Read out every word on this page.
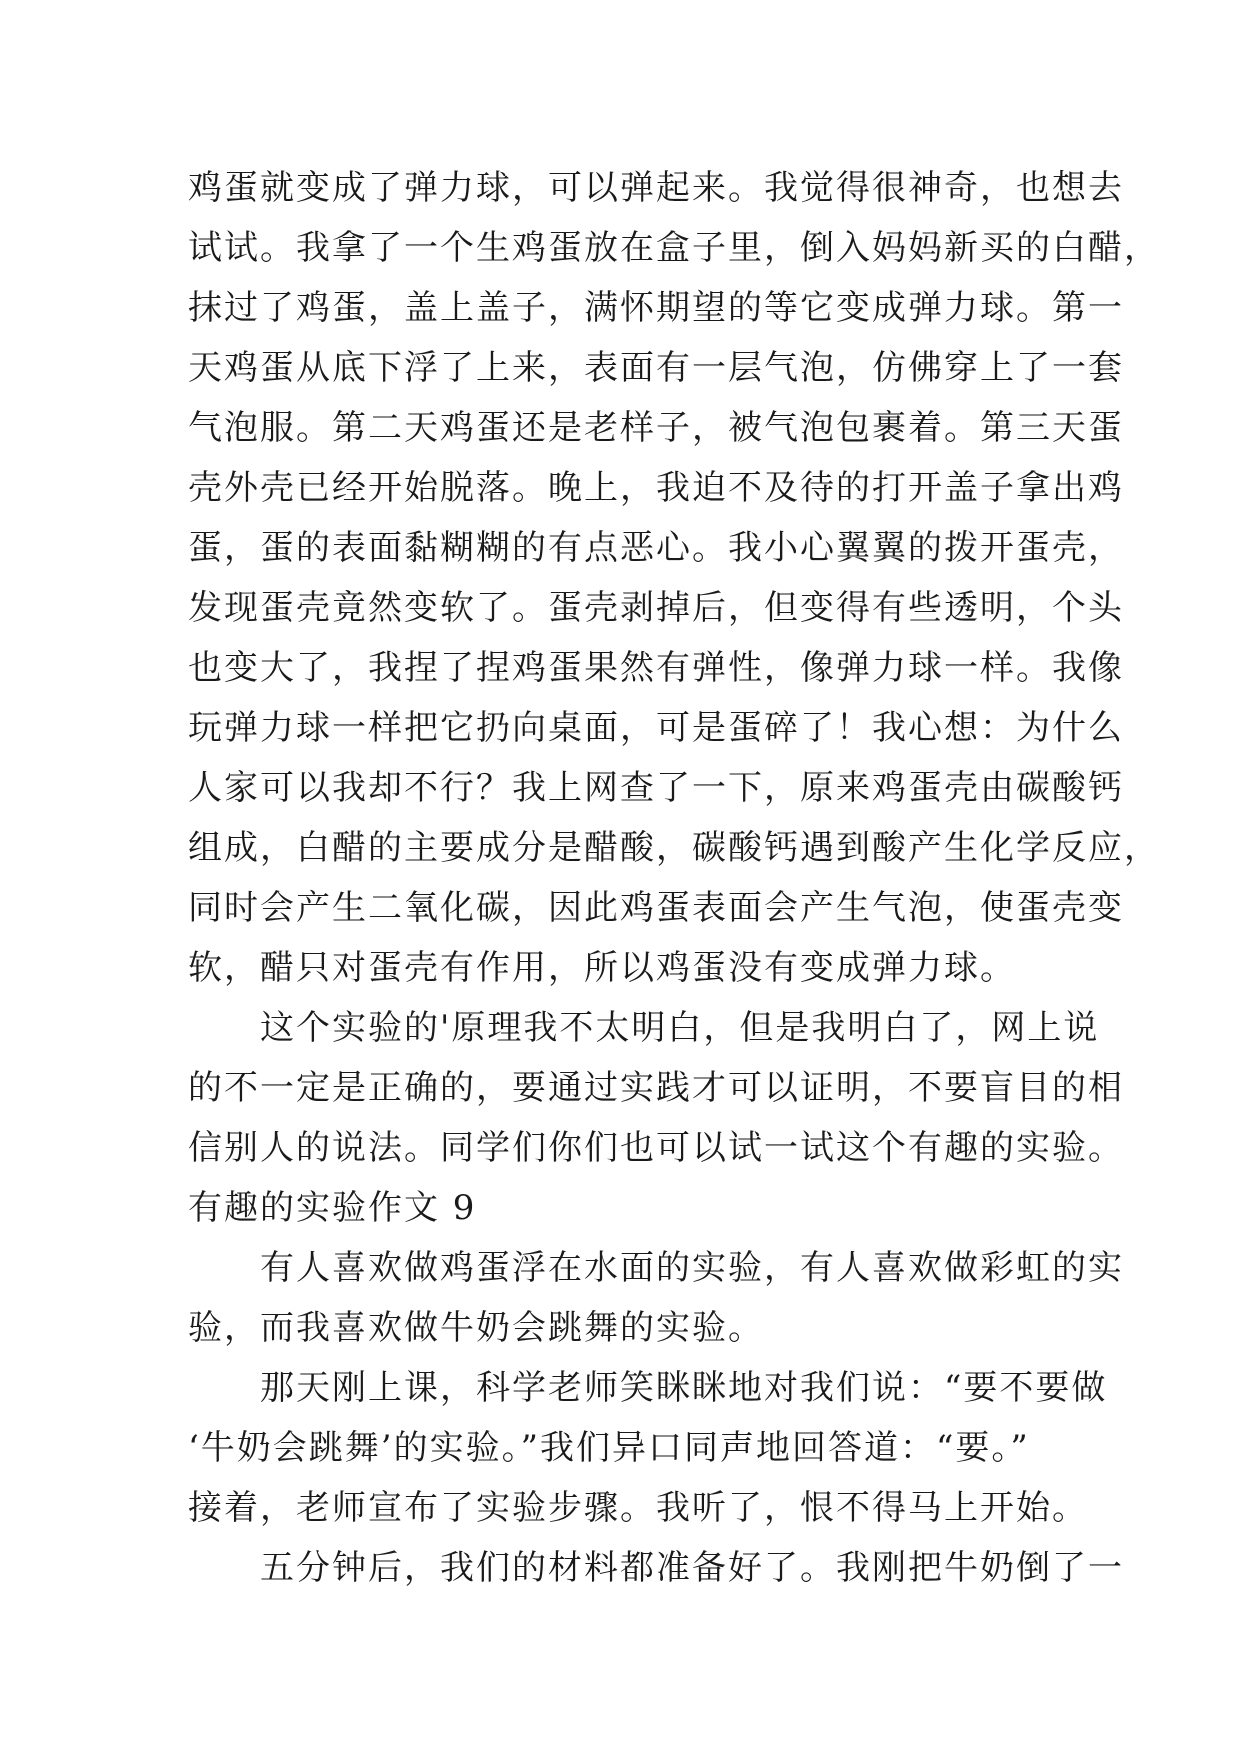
鸡蛋就变成了弹力球，可以弹起来。我觉得很神奇，也想去
试试。我拿了一个生鸡蛋放在盒子里，倒入妈妈新买的白醋，
抹过了鸡蛋，盖上盖子，满怀期望的等它变成弹力球。第一
天鸡蛋从底下浮了上来，表面有一层气泡，仿佛穿上了一套
气泡服。第二天鸡蛋还是老样子，被气泡包裹着。第三天蛋
壳外壳已经开始脱落。晚上，我迫不及待的打开盖子拿出鸡
蛋，蛋的表面黏糊糊的有点恶心。我小心翼翼的拨开蛋壳，
发现蛋壳竟然变软了。蛋壳剥掉后，但变得有些透明，个头
也变大了，我捏了捏鸡蛋果然有弹性，像弹力球一样。我像
玩弹力球一样把它扔向桌面，可是蛋碎了！我心想：为什么
人家可以我却不行？我上网查了一下，原来鸡蛋壳由碳酸钙
组成，白醋的主要成分是醋酸，碳酸钙遇到酸产生化学反应，
同时会产生二氧化碳，因此鸡蛋表面会产生气泡，使蛋壳变
软，醋只对蛋壳有作用，所以鸡蛋没有变成弹力球。
　　这个实验的'原理我不太明白，但是我明白了，网上说
的不一定是正确的，要通过实践才可以证明，不要盲目的相
信别人的说法。同学们你们也可以试一试这个有趣的实验。
有趣的实验作文 9
　　有人喜欢做鸡蛋浮在水面的实验，有人喜欢做彩虹的实
验，而我喜欢做牛奶会跳舞的实验。
　　那天刚上课，科学老师笑眯眯地对我们说：“要不要做
‘牛奶会跳舞’的实验。”我们异口同声地回答道：“要。”
接着，老师宣布了实验步骤。我听了，恨不得马上开始。
　　五分钟后，我们的材料都准备好了。我刚把牛奶倒了一
